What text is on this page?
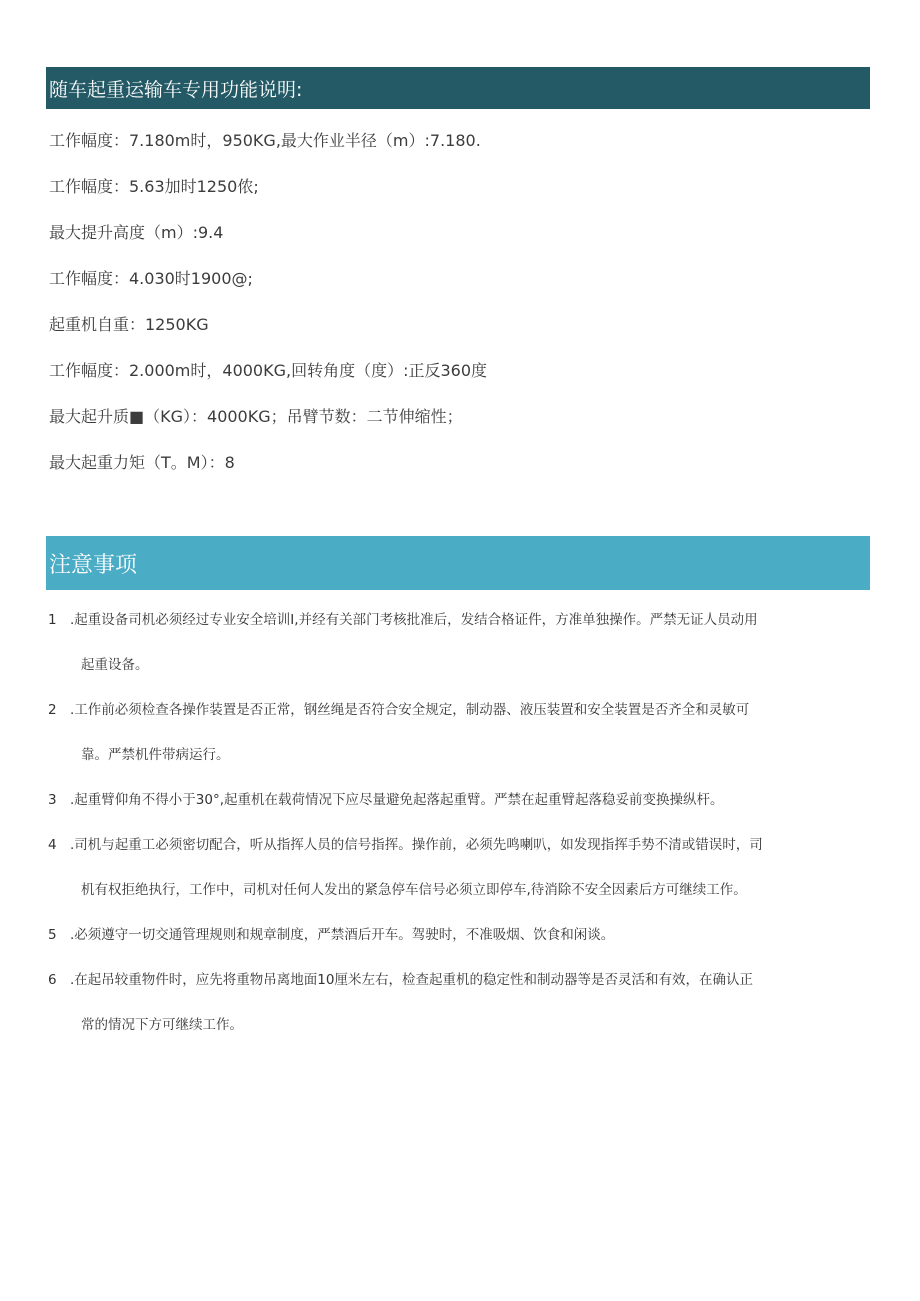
随车起重运输车专用功能说明:
工作幅度：7.180m时，950KG,最大作业半径（m）:7.180.
工作幅度：5.63加时1250侬;
最大提升高度（m）:9.4
工作幅度：4.030时1900@;
起重机自重：1250KG
工作幅度：2.000m时，4000KG,回转角度（度）:正反360度
最大起升质■（KG）：4000KG；吊臂节数：二节伸缩性；
最大起重力矩（T。M）：8
注意事项
1 .起重设备司机必须经过专业安全培训I,并经有关部门考核批准后，发结合格证件，方准单独操作。严禁无证人员动用
起重设备。
2 .工作前必须检查各操作装置是否正常，钢丝绳是否符合安全规定，制动器、液压装置和安全装置是否齐全和灵敏可
靠。严禁机件带病运行。
3 .起重臂仰角不得小于30°,起重机在载荷情况下应尽量避免起落起重臂。严禁在起重臂起落稳妥前变换操纵杆。
4 .司机与起重工必须密切配合，听从指挥人员的信号指挥。操作前，必须先鸣喇叭，如发现指挥手势不清或错误时，司
机有权拒绝执行，工作中，司机对任何人发出的紧急停车信号必须立即停车,待消除不安全因素后方可继续工作。
5 .必须遵守一切交通管理规则和规章制度，严禁酒后开车。驾驶时，不准吸烟、饮食和闲谈。
6 .在起吊较重物件时，应先将重物吊离地面10厘米左右，检查起重机的稳定性和制动器等是否灵活和有效，在确认正
常的情况下方可继续工作。
